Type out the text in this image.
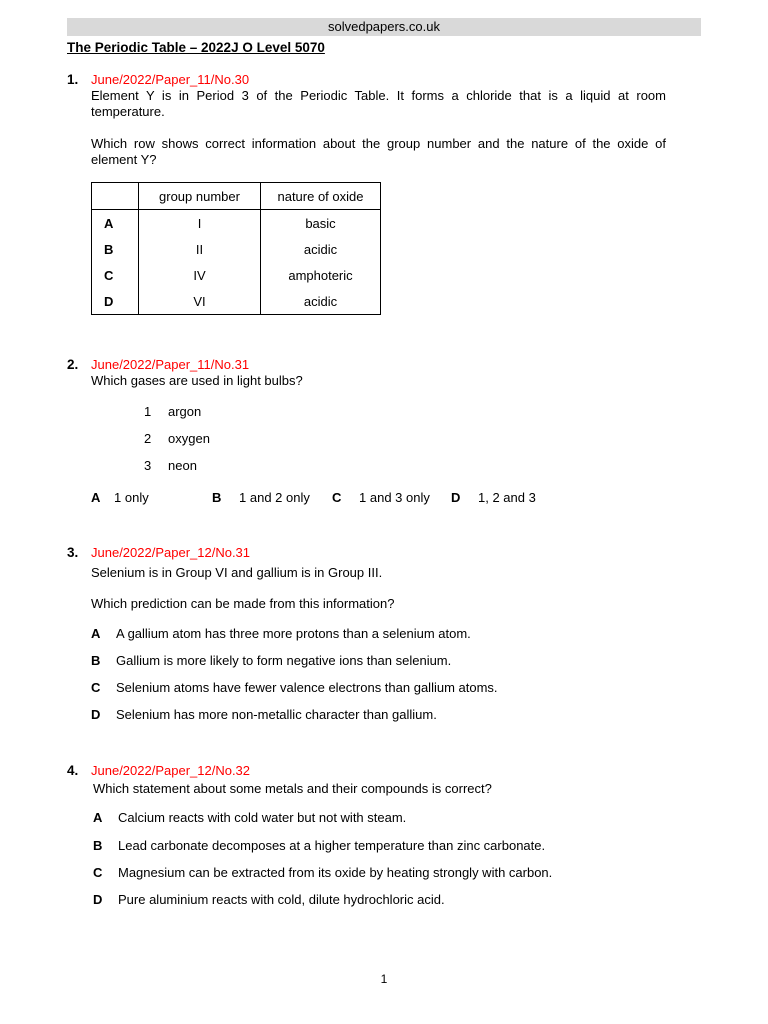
solvedpapers.co.uk
The Periodic Table – 2022J O Level 5070
1. June/2022/Paper_11/No.30
Element Y is in Period 3 of the Periodic Table. It forms a chloride that is a liquid at room temperature.
Which row shows correct information about the group number and the nature of the oxide of element Y?
	group number	nature of oxide
A	I	basic
B	II	acidic
C	IV	amphoteric
D	VI	acidic
2. June/2022/Paper_11/No.31
Which gases are used in light bulbs?
1	argon
2	oxygen
3	neon
A 1 only	B 1 and 2 only C 1 and 3 only D 1, 2 and 3
3. June/2022/Paper_12/No.31
Selenium is in Group VI and gallium is in Group III.
Which prediction can be made from this information?
A A gallium atom has three more protons than a selenium atom.
B Gallium is more likely to form negative ions than selenium.
C Selenium atoms have fewer valence electrons than gallium atoms.
D Selenium has more non-metallic character than gallium.
4. June/2022/Paper_12/No.32
Which statement about some metals and their compounds is correct?
A Calcium reacts with cold water but not with steam.
B Lead carbonate decomposes at a higher temperature than zinc carbonate.
C Magnesium can be extracted from its oxide by heating strongly with carbon.
D Pure aluminium reacts with cold, dilute hydrochloric acid.
1
